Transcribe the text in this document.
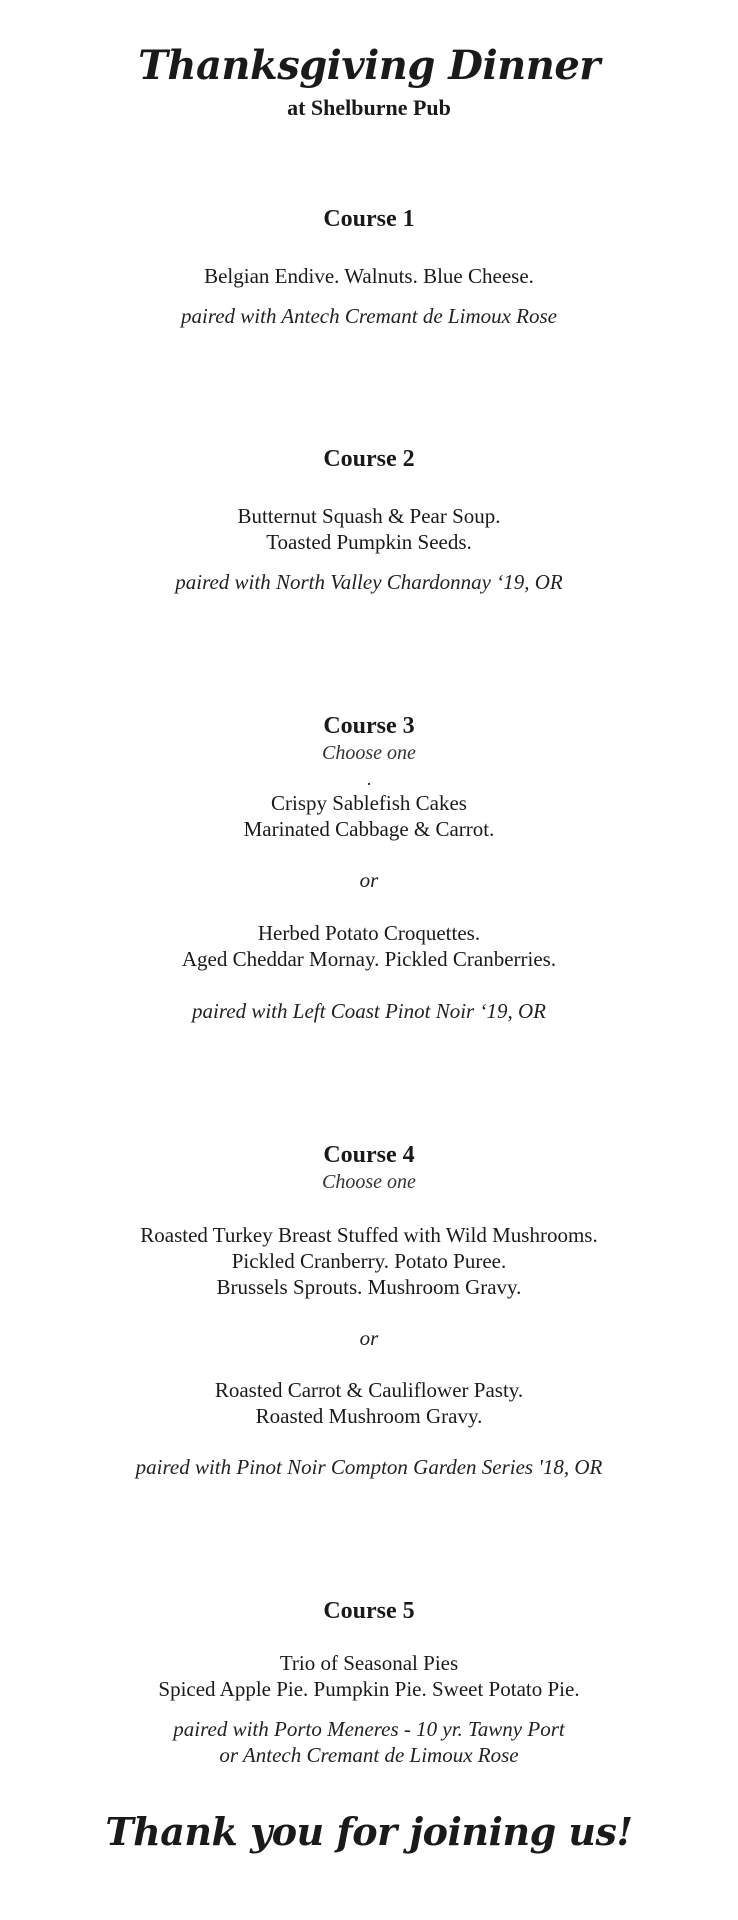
Thanksgiving Dinner
at Shelburne Pub
Course 1
Belgian Endive. Walnuts. Blue Cheese.
paired with Antech Cremant de Limoux Rose
Course 2
Butternut Squash & Pear Soup.
Toasted Pumpkin Seeds.
paired with North Valley Chardonnay ‘19, OR
Course 3
Choose one
.
Crispy Sablefish Cakes
Marinated Cabbage & Carrot.
or
Herbed Potato Croquettes.
Aged Cheddar Mornay. Pickled Cranberries.
paired with Left Coast Pinot Noir ‘19, OR
Course 4
Choose one
Roasted Turkey Breast Stuffed with Wild Mushrooms.
Pickled Cranberry. Potato Puree.
Brussels Sprouts. Mushroom Gravy.
or
Roasted Carrot & Cauliflower Pasty.
Roasted Mushroom Gravy.
paired with Pinot Noir Compton Garden Series '18, OR
Course 5
Trio of Seasonal Pies
Spiced Apple Pie. Pumpkin Pie. Sweet Potato Pie.
paired with Porto Meneres - 10 yr. Tawny Port
or Antech Cremant de Limoux Rose
Thank you for joining us!
